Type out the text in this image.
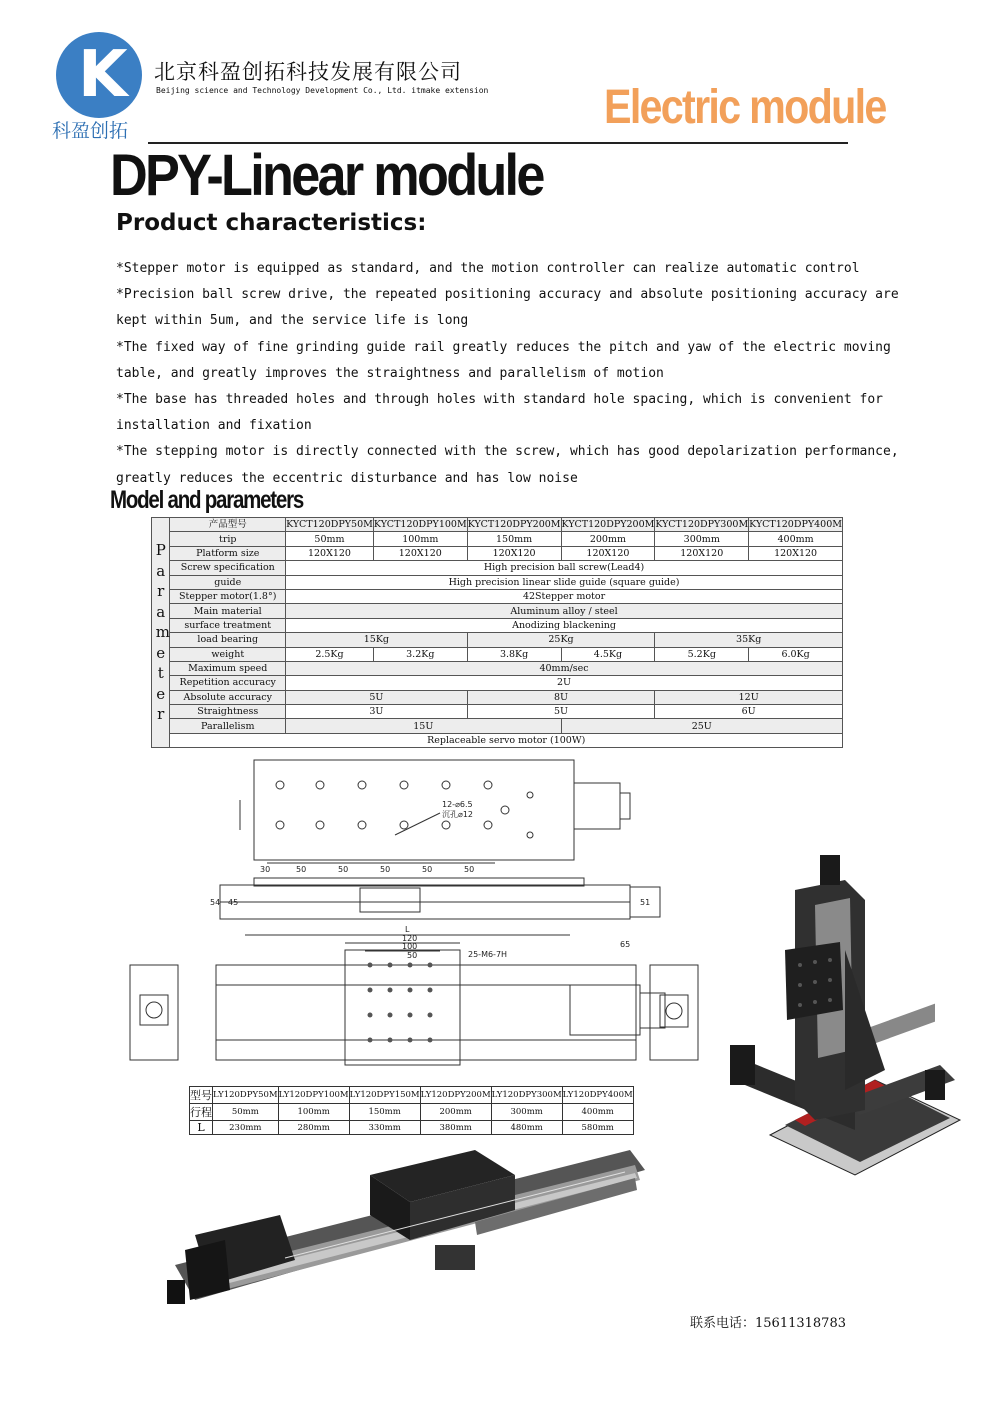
K
科盈创拓
北京科盈创拓科技发展有限公司
Beijing science and Technology Development Co., Ltd. itmake extension Electric module
DPY-Linear module
Product characteristics:
*Stepper motor is equipped as standard, and the motion controller can realize automatic control
*Precision ball screw drive, the repeated positioning accuracy and absolute positioning accuracy are
kept within 5um, and the service life is long
*The fixed way of fine grinding guide rail greatly reduces the pitch and yaw of the electric moving
table, and greatly improves the straightness and parallelism of motion
*The base has threaded holes and through holes with standard hole spacing, which is convenient for
installation and fixation
*The stepping motor is directly connected with the screw, which has good depolarization performance,
greatly reduces the eccentric disturbance and has low noise
Model and parameters
Parameter	产品型号	KYCT120DPY50M	KYCT120DPY100M	KYCT120DPY200M	KYCT120DPY200M	KYCT120DPY300M	KYCT120DPY400M
	trip	50mm	100mm	150mm	200mm	300mm	400mm
	Platform size	120X120	120X120	120X120	120X120	120X120	120X120
	Screw specification	High precision ball screw(Lead4)					
	guide	High precision linear slide guide (square guide)					
	Stepper motor(1.8°)	42Stepper motor					
	Main material	Aluminum alloy / steel					
	surface treatment	Anodizing blackening					
	load bearing	15Kg		25Kg		35Kg	
	weight	2.5Kg	3.2Kg	3.8Kg	4.5Kg	5.2Kg	6.0Kg
	Maximum speed	40mm/sec					
	Repetition accuracy	2U					
	Absolute accuracy	5U		8U		12U	
	Straightness	3U		5U		6U	
	Parallelism	15U			25U		
	Replaceable servo motor (100W)						
12-⌀6.5
沉孔⌀12
25-M6-7H
L
120
100
50
65
54 45	51
30	50	50	50	50	50
型号	LY120DPY50M	LY120DPY100M	LY120DPY150M	LY120DPY200M	LY120DPY300M	LY120DPY400M
行程	50mm	100mm	150mm	200mm	300mm	400mm
L	230mm	280mm	330mm	380mm	480mm	580mm
联系电话：15611318783
